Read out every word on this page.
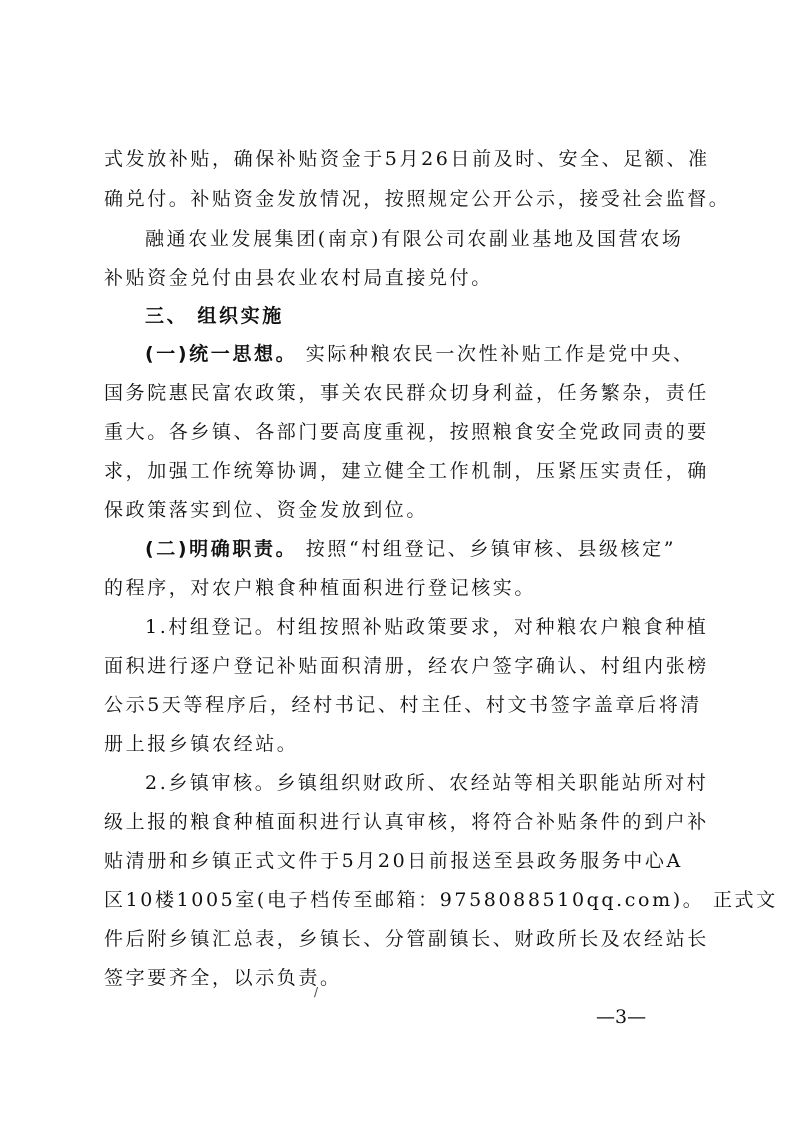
式发放补贴，确保补贴资金于5月26日前及时、安全、足额、准
确兑付。补贴资金发放情况，按照规定公开公示，接受社会监督。
融通农业发展集团(南京)有限公司农副业基地及国营农场
补贴资金兑付由县农业农村局直接兑付。
三、 组织实施
(一)统一思想。 实际种粮农民一次性补贴工作是党中央、
国务院惠民富农政策，事关农民群众切身利益，任务繁杂，责任
重大。各乡镇、各部门要高度重视，按照粮食安全党政同责的要
求，加强工作统筹协调，建立健全工作机制，压紧压实责任，确
保政策落实到位、资金发放到位。
(二)明确职责。 按照“村组登记、乡镇审核、县级核定”
的程序，对农户粮食种植面积进行登记核实。
1.村组登记。村组按照补贴政策要求，对种粮农户粮食种植
面积进行逐户登记补贴面积清册，经农户签字确认、村组内张榜
公示5天等程序后，经村书记、村主任、村文书签字盖章后将清
册上报乡镇农经站。
2.乡镇审核。乡镇组织财政所、农经站等相关职能站所对村
级上报的粮食种植面积进行认真审核，将符合补贴条件的到户补
贴清册和乡镇正式文件于5月20日前报送至县政务服务中心A
区10楼1005室(电子档传至邮箱：9758088510qq.com)。 正式文
件后附乡镇汇总表，乡镇长、分管副镇长、财政所长及农经站长
签字要齐全，以示负责。
/
—3—
